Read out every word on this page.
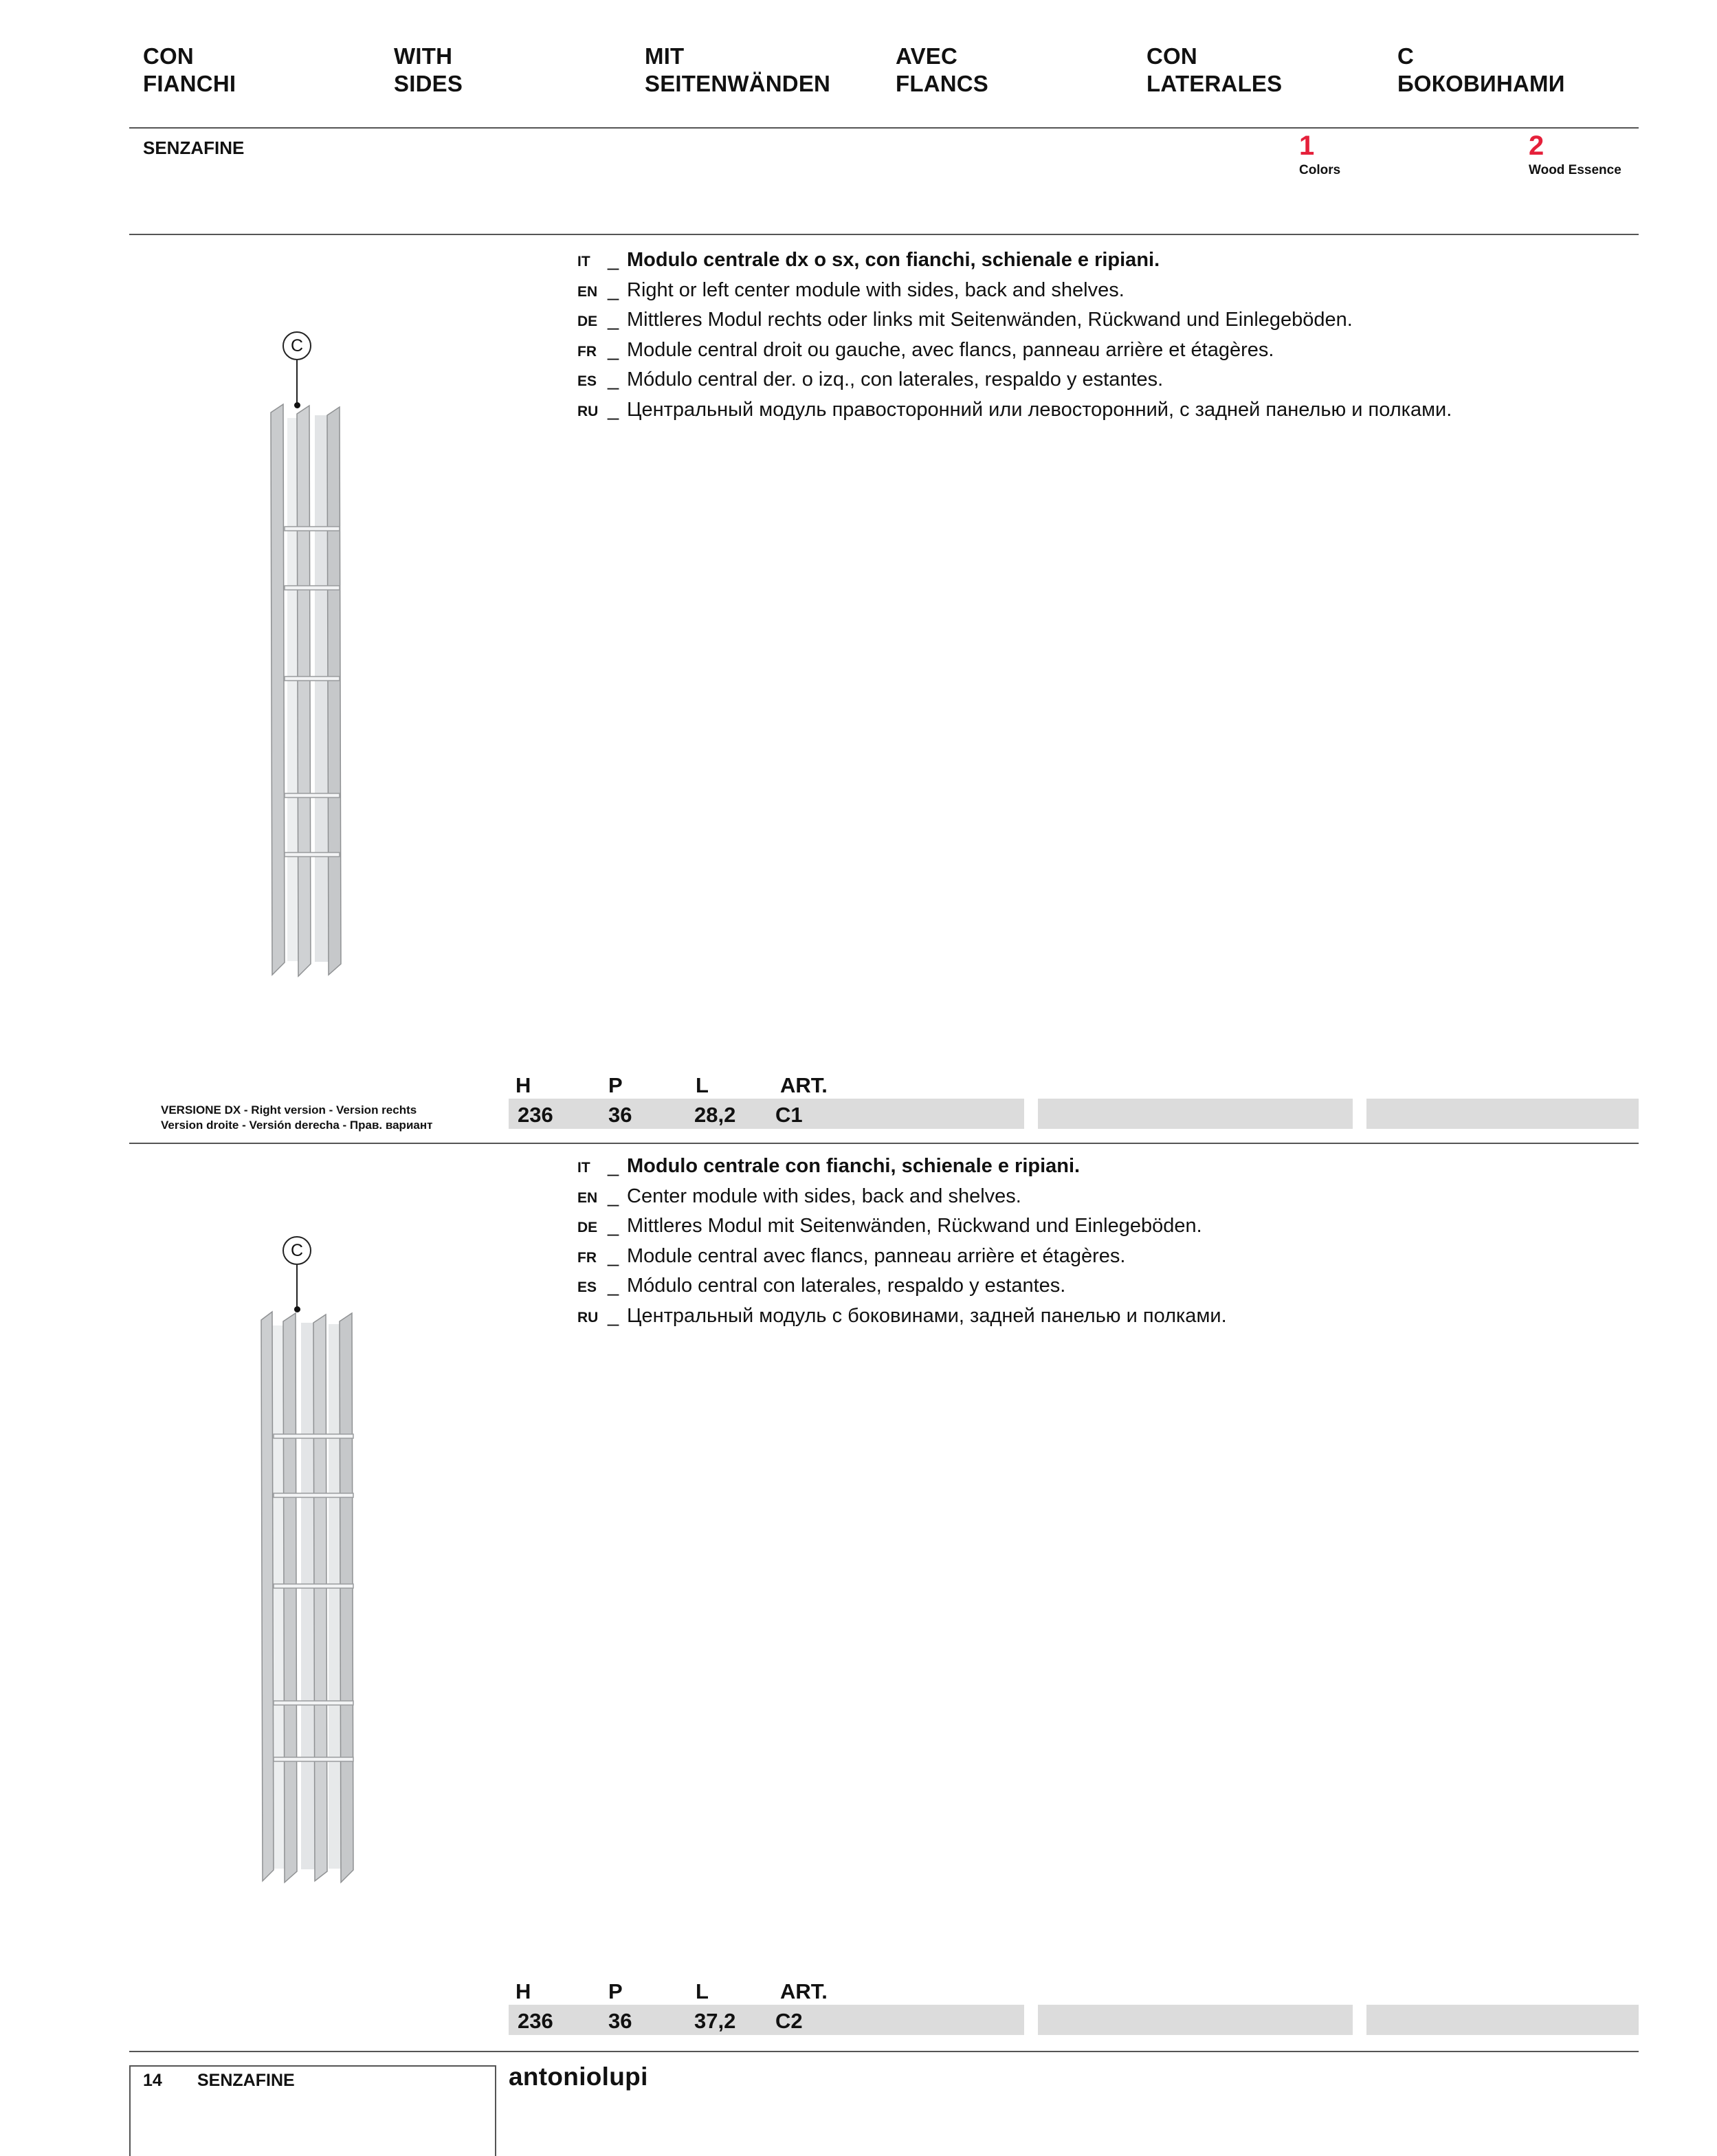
CON
FIANCHI
WITH
SIDES
MIT
SEITENWÄNDEN
AVEC
FLANCS
CON
LATERALES
С
БОКОВИНАМИ
SENZAFINE	1
Colors
2
Wood Essence
IT _ Modulo centrale dx o sx, con fianchi, schienale e ripiani.
EN _ Right or left center module with sides, back and shelves.
DE _ Mittleres Modul rechts oder links mit Seitenwänden, Rückwand und Einlegeböden.
FR _ Module central droit ou gauche, avec flancs, panneau arrière et étagères.
ES _ Módulo central der. o izq., con laterales, respaldo y estantes.
RU _ Центральный модуль правосторонний или левосторонний, с задней панелью и полками.
C
H	P	L	ART.
236	36	28,2 C1
VERSIONE DX - Right version - Version rechts
Version droite - Versión derecha - Прав. вариант
IT _ Modulo centrale con fianchi, schienale e ripiani.
EN _ Center module with sides, back and shelves.
DE _ Mittleres Modul mit Seitenwänden, Rückwand und Einlegeböden.
FR _ Module central avec flancs, panneau arrière et étagères.
ES _ Módulo central con laterales, respaldo y estantes.
RU _ Центральный модуль с боковинами, задней панелью и полками.
C
H	P	L	ART.
236	36	37,2 C2
14 SENZAFINE	antoniolupi
